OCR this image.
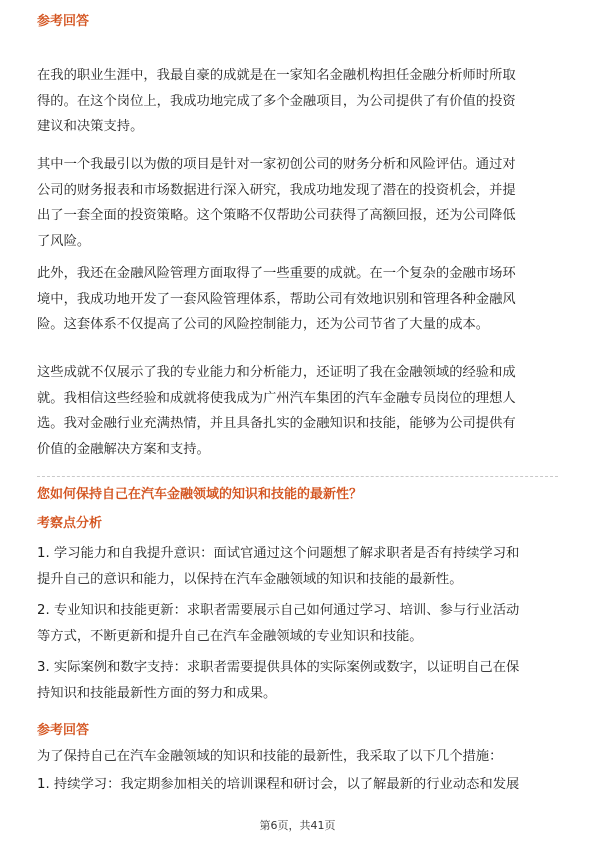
参考回答
在我的职业生涯中，我最自豪的成就是在一家知名金融机构担任金融分析师时所取
得的。在这个岗位上，我成功地完成了多个金融项目，为公司提供了有价值的投资
建议和决策支持。
其中一个我最引以为傲的项目是针对一家初创公司的财务分析和风险评估。通过对
公司的财务报表和市场数据进行深入研究，我成功地发现了潜在的投资机会，并提
出了一套全面的投资策略。这个策略不仅帮助公司获得了高额回报，还为公司降低
了风险。
此外，我还在金融风险管理方面取得了一些重要的成就。在一个复杂的金融市场环
境中，我成功地开发了一套风险管理体系，帮助公司有效地识别和管理各种金融风
险。这套体系不仅提高了公司的风险控制能力，还为公司节省了大量的成本。
这些成就不仅展示了我的专业能力和分析能力，还证明了我在金融领域的经验和成
就。我相信这些经验和成就将使我成为广州汽车集团的汽车金融专员岗位的理想人
选。我对金融行业充满热情，并且具备扎实的金融知识和技能，能够为公司提供有
价值的金融解决方案和支持。
您如何保持自己在汽车金融领域的知识和技能的最新性？
考察点分析
1. 学习能力和自我提升意识：面试官通过这个问题想了解求职者是否有持续学习和
提升自己的意识和能力，以保持在汽车金融领域的知识和技能的最新性。
2. 专业知识和技能更新：求职者需要展示自己如何通过学习、培训、参与行业活动
等方式，不断更新和提升自己在汽车金融领域的专业知识和技能。
3. 实际案例和数字支持：求职者需要提供具体的实际案例或数字，以证明自己在保
持知识和技能最新性方面的努力和成果。
参考回答
为了保持自己在汽车金融领域的知识和技能的最新性，我采取了以下几个措施：
1. 持续学习：我定期参加相关的培训课程和研讨会，以了解最新的行业动态和发展
第6页，共41页
